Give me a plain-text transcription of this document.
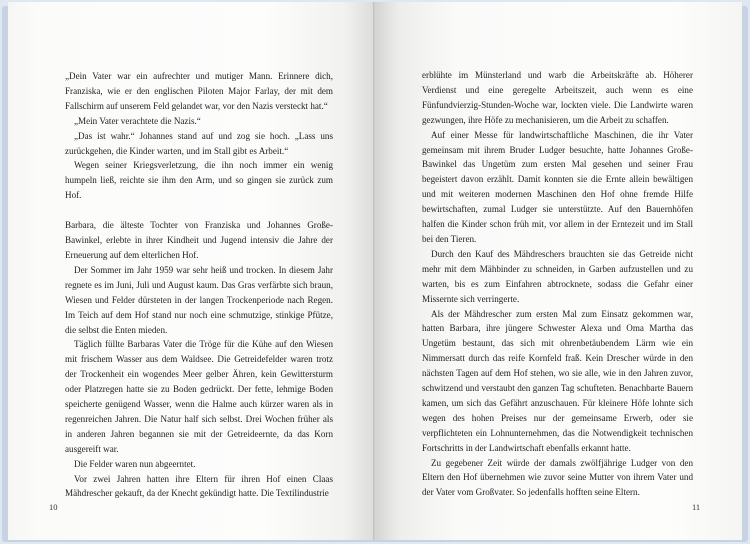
„Dein Vater war ein aufrechter und mutiger Mann. Erinnere dich, Franziska, wie er den englischen Piloten Major Farlay, der mit dem Fallschirm auf unserem Feld gelandet war, vor den Nazis versteckt hat.“

„Mein Vater verachtete die Nazis.“

„Das ist wahr.“ Johannes stand auf und zog sie hoch. „Lass uns zurückgehen, die Kinder warten, und im Stall gibt es Arbeit.“

Wegen seiner Kriegsverletzung, die ihn noch immer ein wenig humpeln ließ, reichte sie ihm den Arm, und so gingen sie zurück zum Hof.

Barbara, die älteste Tochter von Franziska und Johannes Große-Bawinkel, erlebte in ihrer Kindheit und Jugend intensiv die Jahre der Erneuerung auf dem elterlichen Hof.

Der Sommer im Jahr 1959 war sehr heiß und trocken. In diesem Jahr regnete es im Juni, Juli und August kaum. Das Gras verfärbte sich braun, Wiesen und Felder dürsteten in der langen Trockenperiode nach Regen. Im Teich auf dem Hof stand nur noch eine schmutzige, stinkige Pfütze, die selbst die Enten mieden.

Täglich füllte Barbaras Vater die Tröge für die Kühe auf den Wiesen mit frischem Wasser aus dem Waldsee. Die Getreidefelder waren trotz der Trockenheit ein wogendes Meer gelber Ähren, kein Gewittersturm oder Platzregen hatte sie zu Boden gedrückt. Der fette, lehmige Boden speicherte genügend Wasser, wenn die Halme auch kürzer waren als in regenreichen Jahren. Die Natur half sich selbst. Drei Wochen früher als in anderen Jahren begannen sie mit der Getreideernte, da das Korn ausgereift war.

Die Felder waren nun abgeerntet.

Vor zwei Jahren hatten ihre Eltern für ihren Hof einen Claas Mähdrescher gekauft, da der Knecht gekündigt hatte. Die Textilindustrie

10

erblühte im Münsterland und warb die Arbeitskräfte ab. Höherer Verdienst und eine geregelte Arbeitszeit, auch wenn es eine Fünfundvierzig-Stunden-Woche war, lockten viele. Die Landwirte waren gezwungen, ihre Höfe zu mechanisieren, um die Arbeit zu schaffen.

Auf einer Messe für landwirtschaftliche Maschinen, die ihr Vater gemeinsam mit ihrem Bruder Ludger besuchte, hatte Johannes Große-Bawinkel das Ungetüm zum ersten Mal gesehen und seiner Frau begeistert davon erzählt. Damit konnten sie die Ernte allein bewältigen und mit weiteren modernen Maschinen den Hof ohne fremde Hilfe bewirtschaften, zumal Ludger sie unterstützte. Auf den Bauernhöfen halfen die Kinder schon früh mit, vor allem in der Erntezeit und im Stall bei den Tieren.

Durch den Kauf des Mähdreschers brauchten sie das Getreide nicht mehr mit dem Mähbinder zu schneiden, in Garben aufzustellen und zu warten, bis es zum Einfahren abtrocknete, sodass die Gefahr einer Missernte sich verringerte.

Als der Mähdrescher zum ersten Mal zum Einsatz gekommen war, hatten Barbara, ihre jüngere Schwester Alexa und Oma Martha das Ungetüm bestaunt, das sich mit ohrenbetäubendem Lärm wie ein Nimmersatt durch das reife Kornfeld fraß. Kein Drescher würde in den nächsten Tagen auf dem Hof stehen, wo sie alle, wie in den Jahren zuvor, schwitzend und verstaubt den ganzen Tag schufteten. Benachbarte Bauern kamen, um sich das Gefährt anzuschauen. Für kleinere Höfe lohnte sich wegen des hohen Preises nur der gemeinsame Erwerb, oder sie verpflichteten ein Lohnunternehmen, das die Notwendigkeit technischen Fortschritts in der Landwirtschaft ebenfalls erkannt hatte.

Zu gegebener Zeit würde der damals zwölfjährige Ludger von den Eltern den Hof übernehmen wie zuvor seine Mutter von ihrem Vater und der Vater vom Großvater. So jedenfalls hofften seine Eltern.

11
